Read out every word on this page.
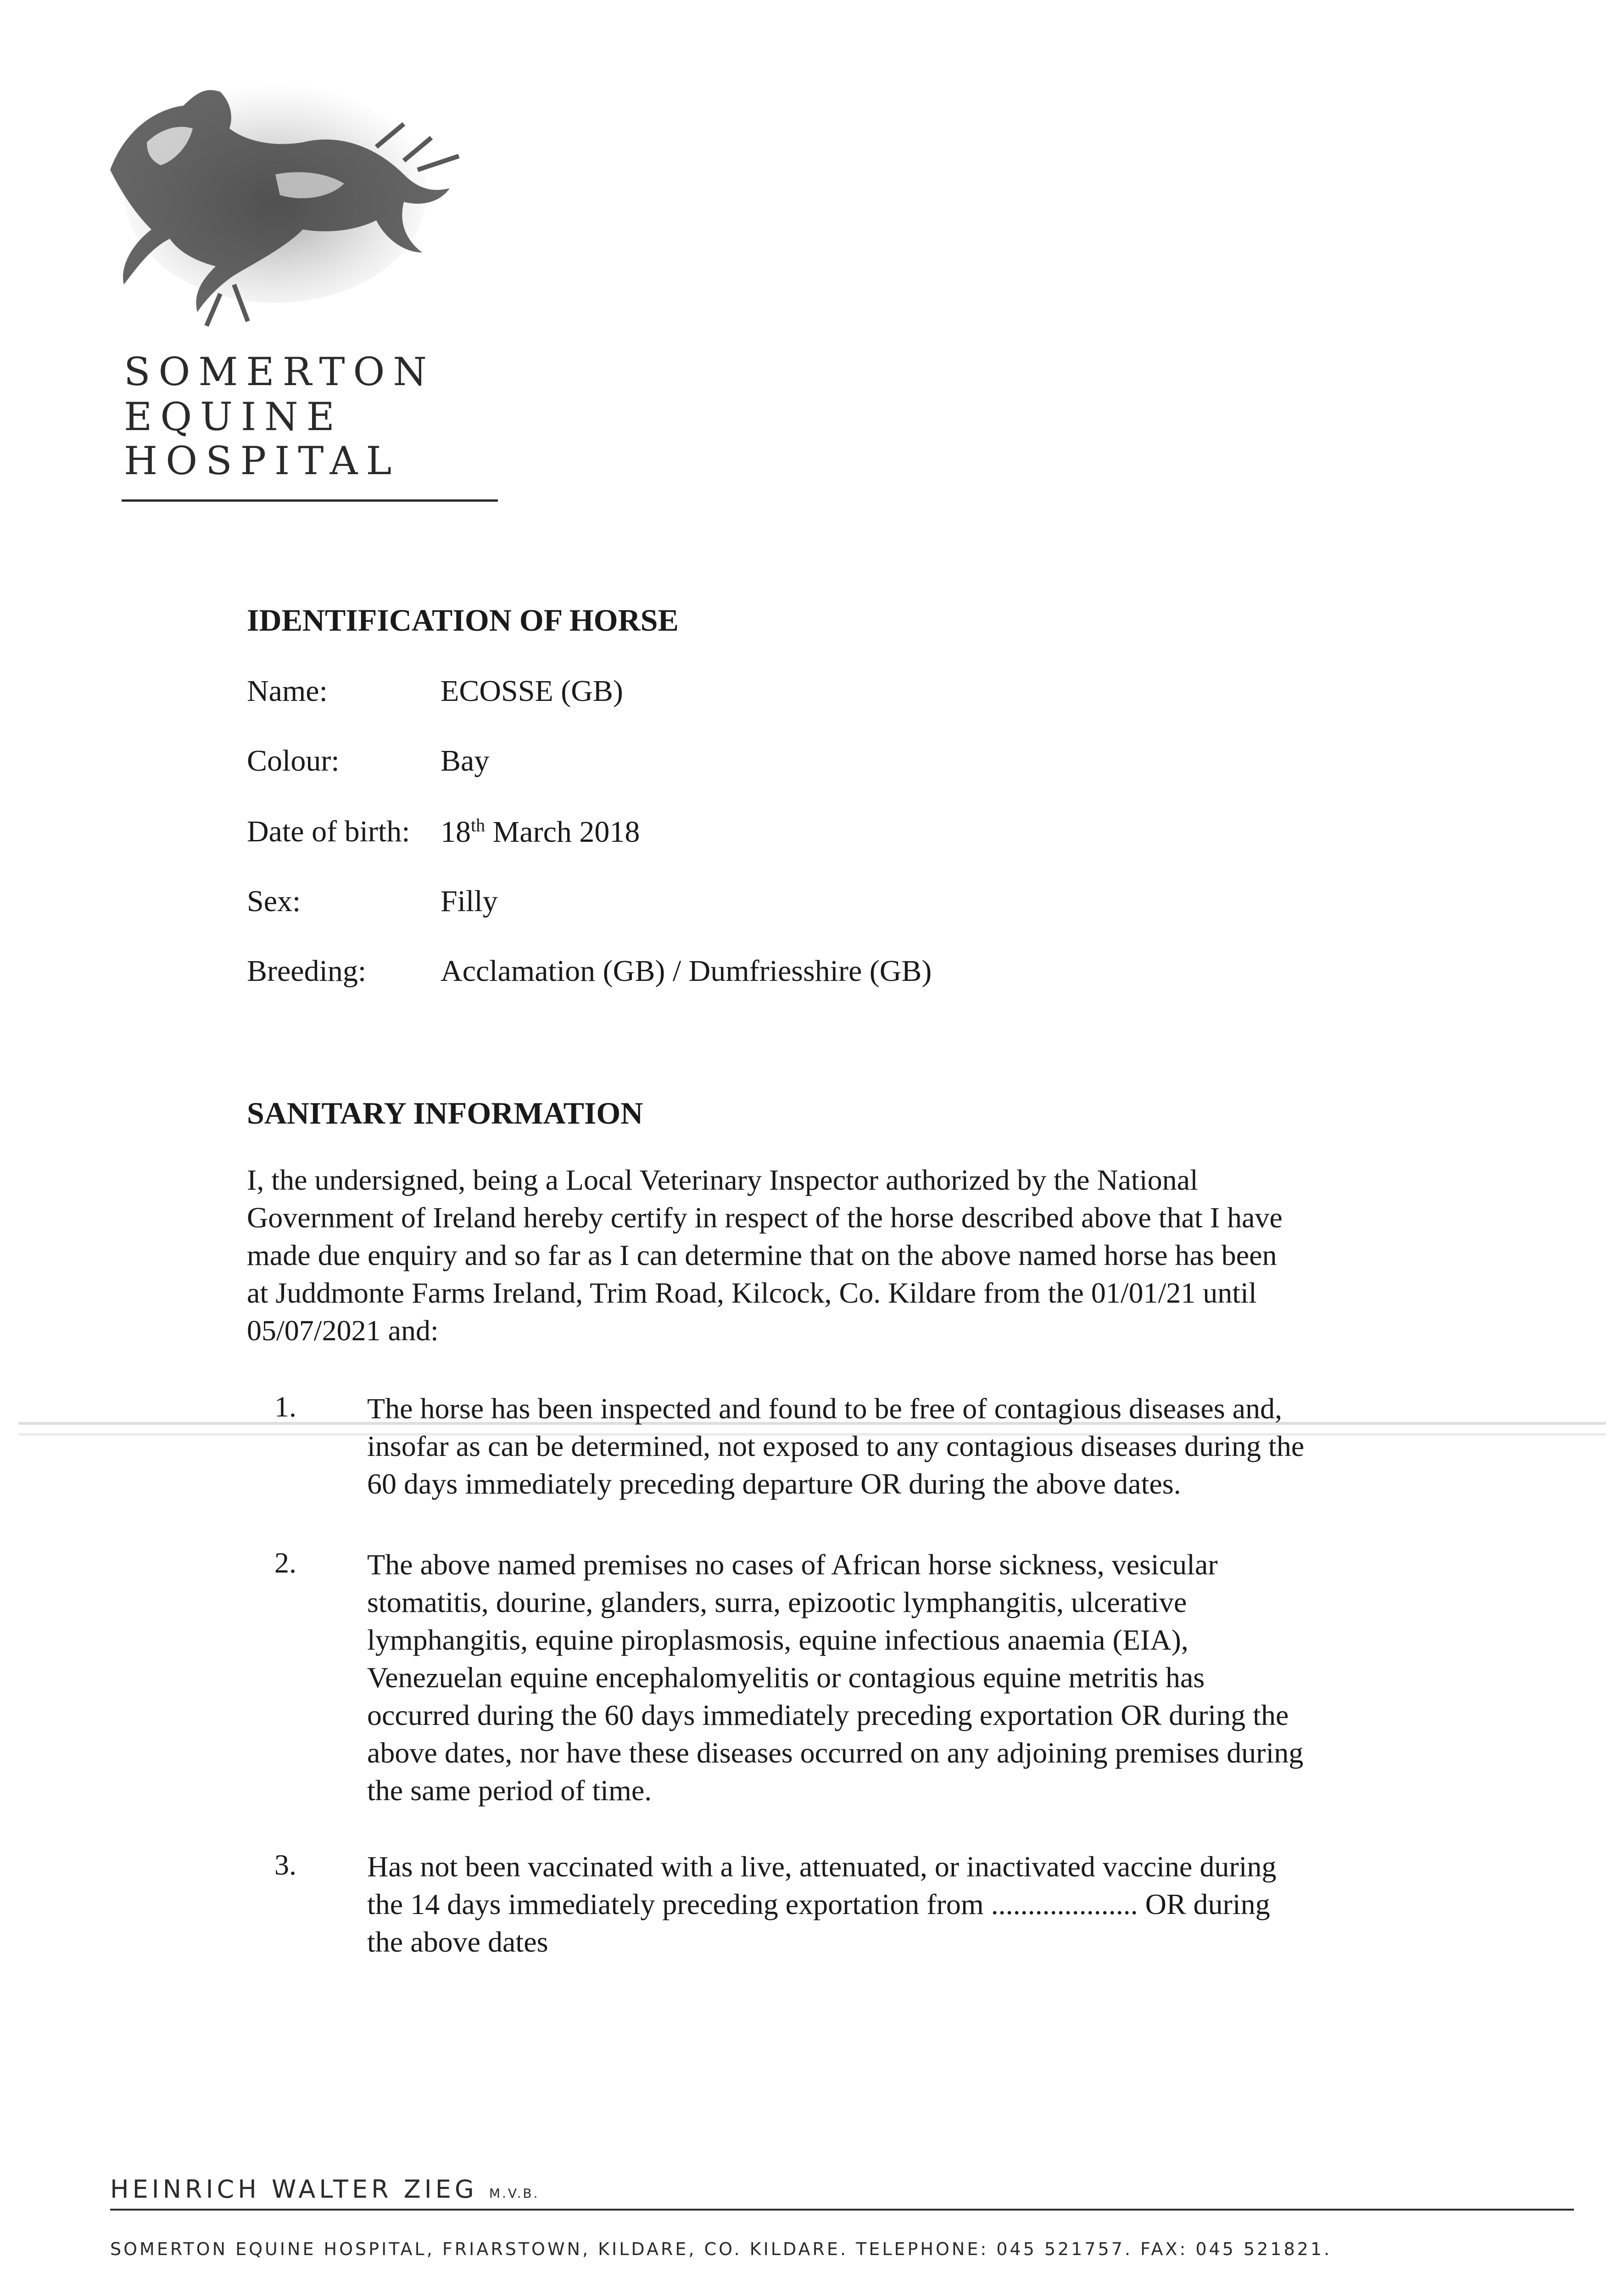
SOMERTON
EQUINE
HOSPITAL
IDENTIFICATION OF HORSE
Name:	ECOSSE (GB)
Colour:	Bay
Date of birth: 18th March 2018
Sex:	Filly
Breeding: Acclamation (GB) / Dumfriesshire (GB)
SANITARY INFORMATION
I, the undersigned, being a Local Veterinary Inspector authorized by the National
Government of Ireland hereby certify in respect of the horse described above that I have
made due enquiry and so far as I can determine that on the above named horse has been
at Juddmonte Farms Ireland, Trim Road, Kilcock, Co. Kildare from the 01/01/21 until
05/07/2021 and:
1. The horse has been inspected and found to be free of contagious diseases and,
insofar as can be determined, not exposed to any contagious diseases during the
60 days immediately preceding departure OR during the above dates.
2. The above named premises no cases of African horse sickness, vesicular
stomatitis, dourine, glanders, surra, epizootic lymphangitis, ulcerative
lymphangitis, equine piroplasmosis, equine infectious anaemia (EIA),
Venezuelan equine encephalomyelitis or contagious equine metritis has
occurred during the 60 days immediately preceding exportation OR during the
above dates, nor have these diseases occurred on any adjoining premises during
the same period of time.
3. Has not been vaccinated with a live, attenuated, or inactivated vaccine during
the 14 days immediately preceding exportation from .................... OR during
the above dates
HEINRICH WALTER ZIEG M.V.B.
SOMERTON EQUINE HOSPITAL, FRIARSTOWN, KILDARE, CO. KILDARE. TELEPHONE: 045 521757. FAX: 045 521821.
